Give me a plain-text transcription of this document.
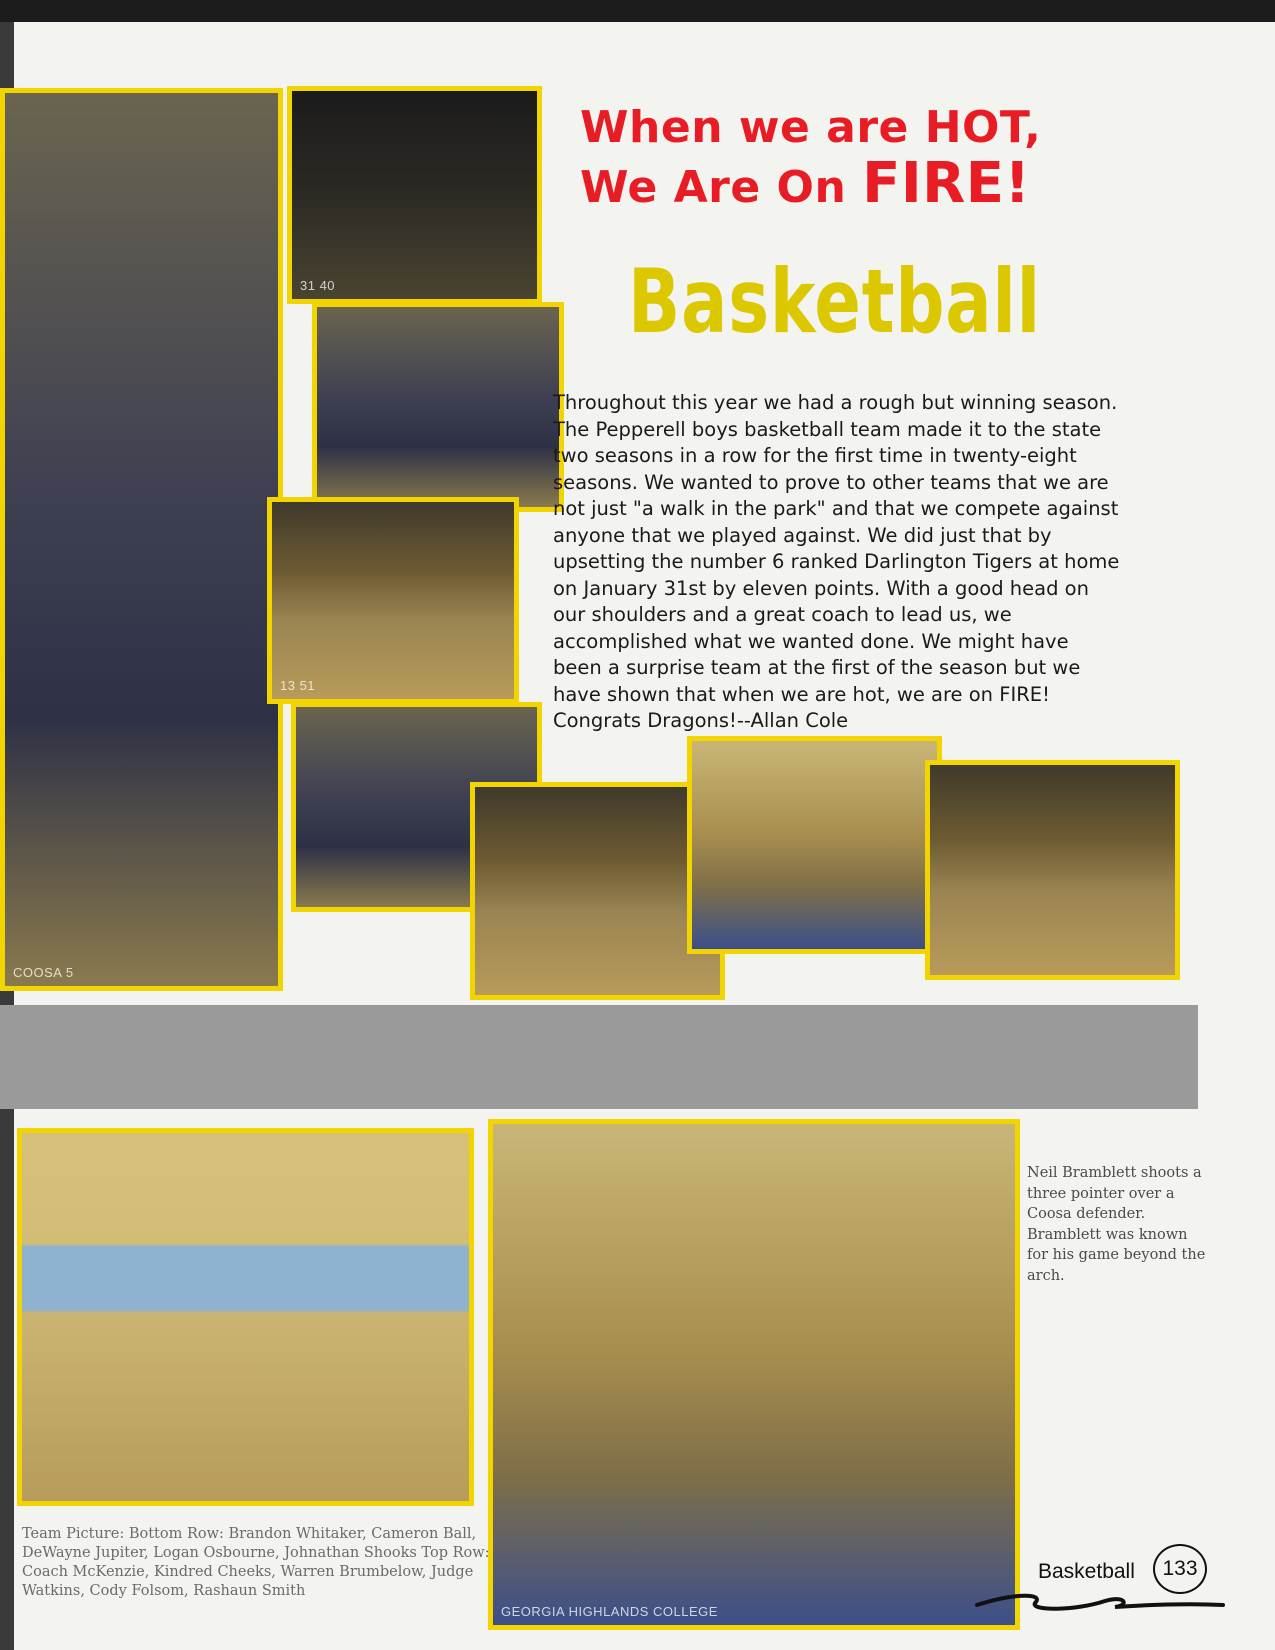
COOSA 5
31 40
13 51
When we are HOT,
We Are On FIRE!
Basketball
Throughout this year we had a rough but winning season. The Pepperell boys basketball team made it to the state two seasons in a row for the first time in twenty-eight seasons. We wanted to prove to other teams that we are not just "a walk in the park" and that we compete against anyone that we played against. We did just that by upsetting the number 6 ranked Darlington Tigers at home on January 31st by eleven points. With a good head on our shoulders and a great coach to lead us, we accomplished what we wanted done. We might have been a surprise team at the first of the season but we have shown that when we are hot, we are on FIRE! Congrats Dragons!--Allan Cole
GEORGIA HIGHLANDS COLLEGE
Neil Bramblett shoots a three pointer over a Coosa defender. Bramblett was known for his game beyond the arch.
Team Picture: Bottom Row: Brandon Whitaker, Cameron Ball, DeWayne Jupiter, Logan Osbourne, Johnathan Shooks Top Row: Coach McKenzie, Kindred Cheeks, Warren Brumbelow, Judge Watkins, Cody Folsom, Rashaun Smith
Basketball	133
